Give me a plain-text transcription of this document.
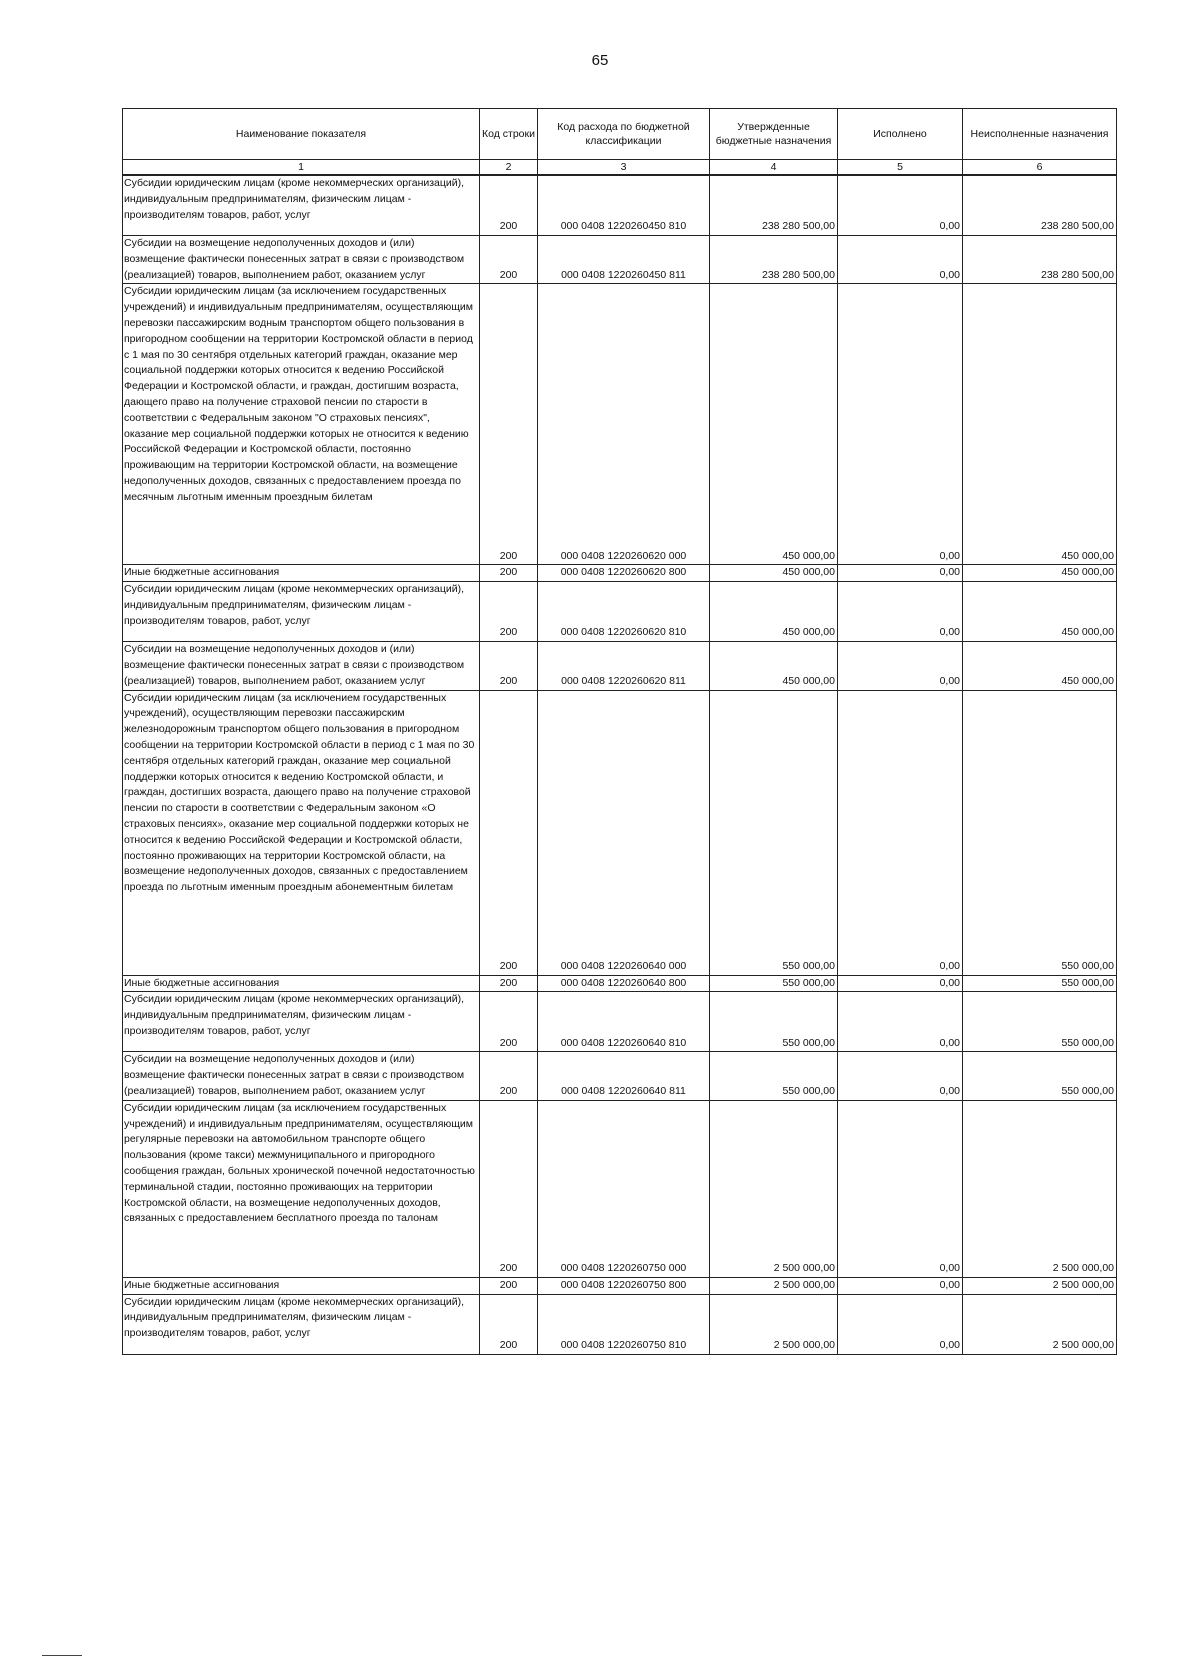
65
Наименование показателя	Код строки	Код расхода по бюджетной классификации	Утвержденные бюджетные назначения	Исполнено	Неисполненные назначения
1	2	3	4	5	6
Субсидии юридическим лицам (кроме некоммерческих организаций), индивидуальным предпринимателям, физическим лицам - производителям товаров, работ, услуг	200	000 0408 1220260450 810	238 280 500,00	0,00	238 280 500,00
Субсидии на возмещение недополученных доходов и (или) возмещение фактически понесенных затрат в связи с производством (реализацией) товаров, выполнением работ, оказанием услуг	200	000 0408 1220260450 811	238 280 500,00	0,00	238 280 500,00
Субсидии юридическим лицам (за исключением государственных учреждений) и индивидуальным предпринимателям, осуществляющим перевозки пассажирским водным транспортом общего пользования в пригородном сообщении на территории Костромской области в период с 1 мая по 30 сентября отдельных категорий граждан, оказание мер социальной поддержки которых относится к ведению Российской Федерации и Костромской области, и граждан, достигшим возраста, дающего право на получение страховой пенсии по старости в соответствии с Федеральным законом "О страховых пенсиях", оказание мер социальной поддержки которых не относится к ведению Российской Федерации и Костромской области, постоянно проживающим на территории Костромской области, на возмещение недополученных доходов, связанных с предоставлением проезда по месячным льготным именным проездным билетам	200	000 0408 1220260620 000	450 000,00	0,00	450 000,00
Иные бюджетные ассигнования	200	000 0408 1220260620 800	450 000,00	0,00	450 000,00
Субсидии юридическим лицам (кроме некоммерческих организаций), индивидуальным предпринимателям, физическим лицам - производителям товаров, работ, услуг	200	000 0408 1220260620 810	450 000,00	0,00	450 000,00
Субсидии на возмещение недополученных доходов и (или) возмещение фактически понесенных затрат в связи с производством (реализацией) товаров, выполнением работ, оказанием услуг	200	000 0408 1220260620 811	450 000,00	0,00	450 000,00
Субсидии юридическим лицам (за исключением государственных учреждений), осуществляющим перевозки пассажирским железнодорожным транспортом общего пользования в пригородном сообщении на территории Костромской области в период с 1 мая по 30 сентября отдельных категорий граждан, оказание мер социальной поддержки которых относится к ведению Костромской области, и граждан, достигших возраста, дающего право на получение страховой пенсии по старости в соответствии с Федеральным законом «О страховых пенсиях», оказание мер социальной поддержки которых не относится к ведению Российской Федерации и Костромской области, постоянно проживающих на территории Костромской области, на возмещение недополученных доходов, связанных с предоставлением проезда по льготным именным проездным абонементным билетам	200	000 0408 1220260640 000	550 000,00	0,00	550 000,00
Иные бюджетные ассигнования	200	000 0408 1220260640 800	550 000,00	0,00	550 000,00
Субсидии юридическим лицам (кроме некоммерческих организаций), индивидуальным предпринимателям, физическим лицам - производителям товаров, работ, услуг	200	000 0408 1220260640 810	550 000,00	0,00	550 000,00
Субсидии на возмещение недополученных доходов и (или) возмещение фактически понесенных затрат в связи с производством (реализацией) товаров, выполнением работ, оказанием услуг	200	000 0408 1220260640 811	550 000,00	0,00	550 000,00
Субсидии юридическим лицам (за исключением государственных учреждений) и индивидуальным предпринимателям, осуществляющим регулярные перевозки на автомобильном транспорте общего пользования (кроме такси) межмуниципального и пригородного сообщения граждан, больных хронической почечной недостаточностью терминальной стадии, постоянно проживающих на территории Костромской области, на возмещение недополученных доходов, связанных с предоставлением бесплатного проезда по талонам	200	000 0408 1220260750 000	2 500 000,00	0,00	2 500 000,00
Иные бюджетные ассигнования	200	000 0408 1220260750 800	2 500 000,00	0,00	2 500 000,00
Субсидии юридическим лицам (кроме некоммерческих организаций), индивидуальным предпринимателям, физическим лицам - производителям товаров, работ, услуг	200	000 0408 1220260750 810	2 500 000,00	0,00	2 500 000,00
